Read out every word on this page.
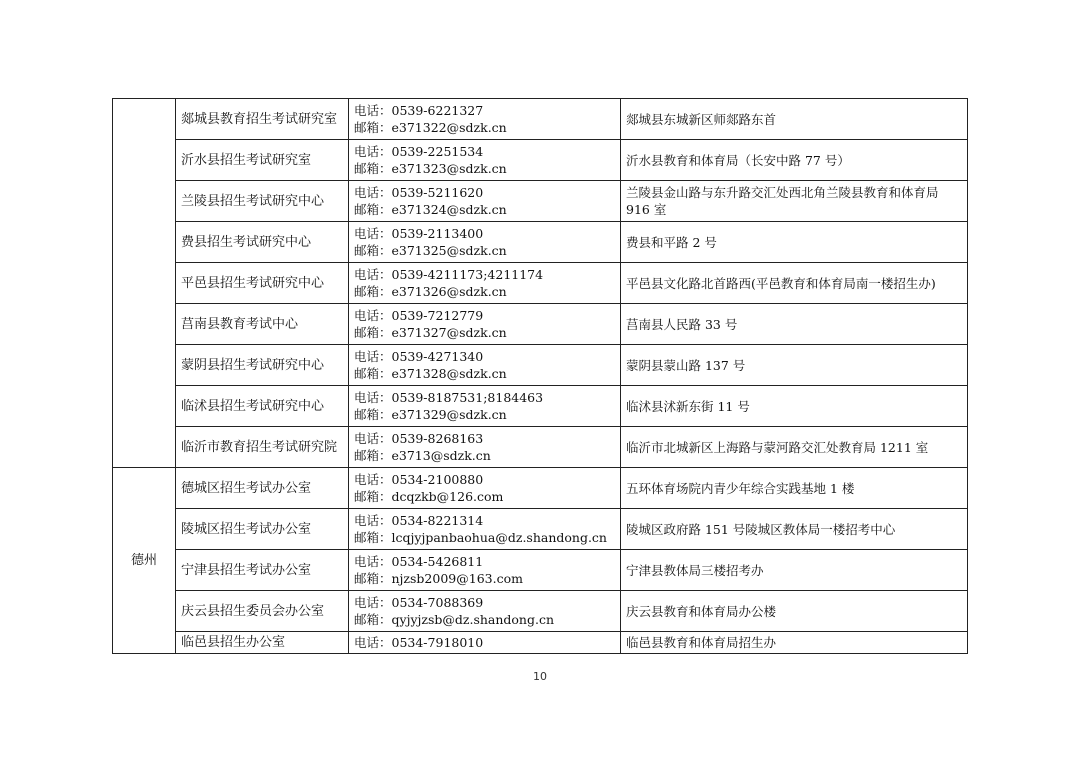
	郯城县教育招生考试研究室	电话：0539-6221327
邮箱：e371322@sdzk.cn	郯城县东城新区师郯路东首
	沂水县招生考试研究室	电话：0539-2251534
邮箱：e371323@sdzk.cn	沂水县教育和体育局（长安中路 77 号）
	兰陵县招生考试研究中心	电话：0539-5211620
邮箱：e371324@sdzk.cn	兰陵县金山路与东升路交汇处西北角兰陵县教育和体育局 916 室
	费县招生考试研究中心	电话：0539-2113400
邮箱：e371325@sdzk.cn	费县和平路 2 号
	平邑县招生考试研究中心	电话：0539-4211173;4211174
邮箱：e371326@sdzk.cn	平邑县文化路北首路西(平邑教育和体育局南一楼招生办)
	莒南县教育考试中心	电话：0539-7212779
邮箱：e371327@sdzk.cn	莒南县人民路 33 号
	蒙阴县招生考试研究中心	电话：0539-4271340
邮箱：e371328@sdzk.cn	蒙阴县蒙山路 137 号
	临沭县招生考试研究中心	电话：0539-8187531;8184463
邮箱：e371329@sdzk.cn	临沭县沭新东街 11 号
	临沂市教育招生考试研究院	电话：0539-8268163
邮箱：e3713@sdzk.cn	临沂市北城新区上海路与蒙河路交汇处教育局 1211 室
德州	德城区招生考试办公室	电话：0534-2100880
邮箱：dcqzkb@126.com	五环体育场院内青少年综合实践基地 1 楼
	陵城区招生考试办公室	电话：0534-8221314
邮箱：lcqjyjpanbaohua@dz.shandong.cn	陵城区政府路 151 号陵城区教体局一楼招考中心
	宁津县招生考试办公室	电话：0534-5426811
邮箱：njzsb2009@163.com	宁津县教体局三楼招考办
	庆云县招生委员会办公室	电话：0534-7088369
邮箱：qyjyjzsb@dz.shandong.cn	庆云县教育和体育局办公楼
	临邑县招生办公室	电话：0534-7918010	临邑县教育和体育局招生办
10
